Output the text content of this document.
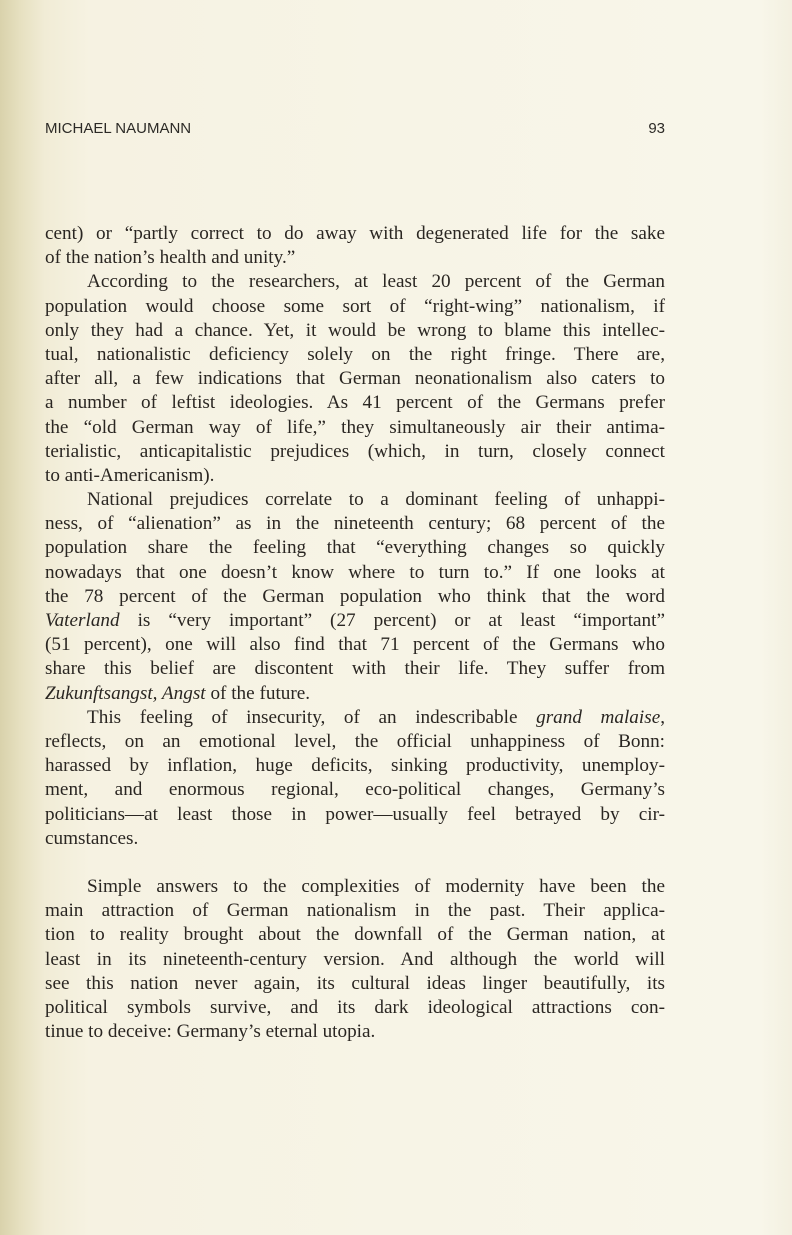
MICHAEL NAUMANN	93
cent) or “partly correct to do away with degenerated life for the sake
of the nation’s health and unity.”
According to the researchers, at least 20 percent of the German
population would choose some sort of “right-wing” nationalism, if
only they had a chance. Yet, it would be wrong to blame this intellec-
tual, nationalistic deficiency solely on the right fringe. There are,
after all, a few indications that German neonationalism also caters to
a number of leftist ideologies. As 41 percent of the Germans prefer
the “old German way of life,” they simultaneously air their antima-
terialistic, anticapitalistic prejudices (which, in turn, closely connect
to anti-Americanism).
National prejudices correlate to a dominant feeling of unhappi-
ness, of “alienation” as in the nineteenth century; 68 percent of the
population share the feeling that “everything changes so quickly
nowadays that one doesn’t know where to turn to.” If one looks at
the 78 percent of the German population who think that the word
Vaterland is “very important” (27 percent) or at least “important”
(51 percent), one will also find that 71 percent of the Germans who
share this belief are discontent with their life. They suffer from
Zukunftsangst, Angst of the future.
This feeling of insecurity, of an indescribable grand malaise,
reflects, on an emotional level, the official unhappiness of Bonn:
harassed by inflation, huge deficits, sinking productivity, unemploy-
ment, and enormous regional, eco-political changes, Germany’s
politicians—at least those in power—usually feel betrayed by cir-
cumstances.
Simple answers to the complexities of modernity have been the
main attraction of German nationalism in the past. Their applica-
tion to reality brought about the downfall of the German nation, at
least in its nineteenth-century version. And although the world will
see this nation never again, its cultural ideas linger beautifully, its
political symbols survive, and its dark ideological attractions con-
tinue to deceive: Germany’s eternal utopia.
